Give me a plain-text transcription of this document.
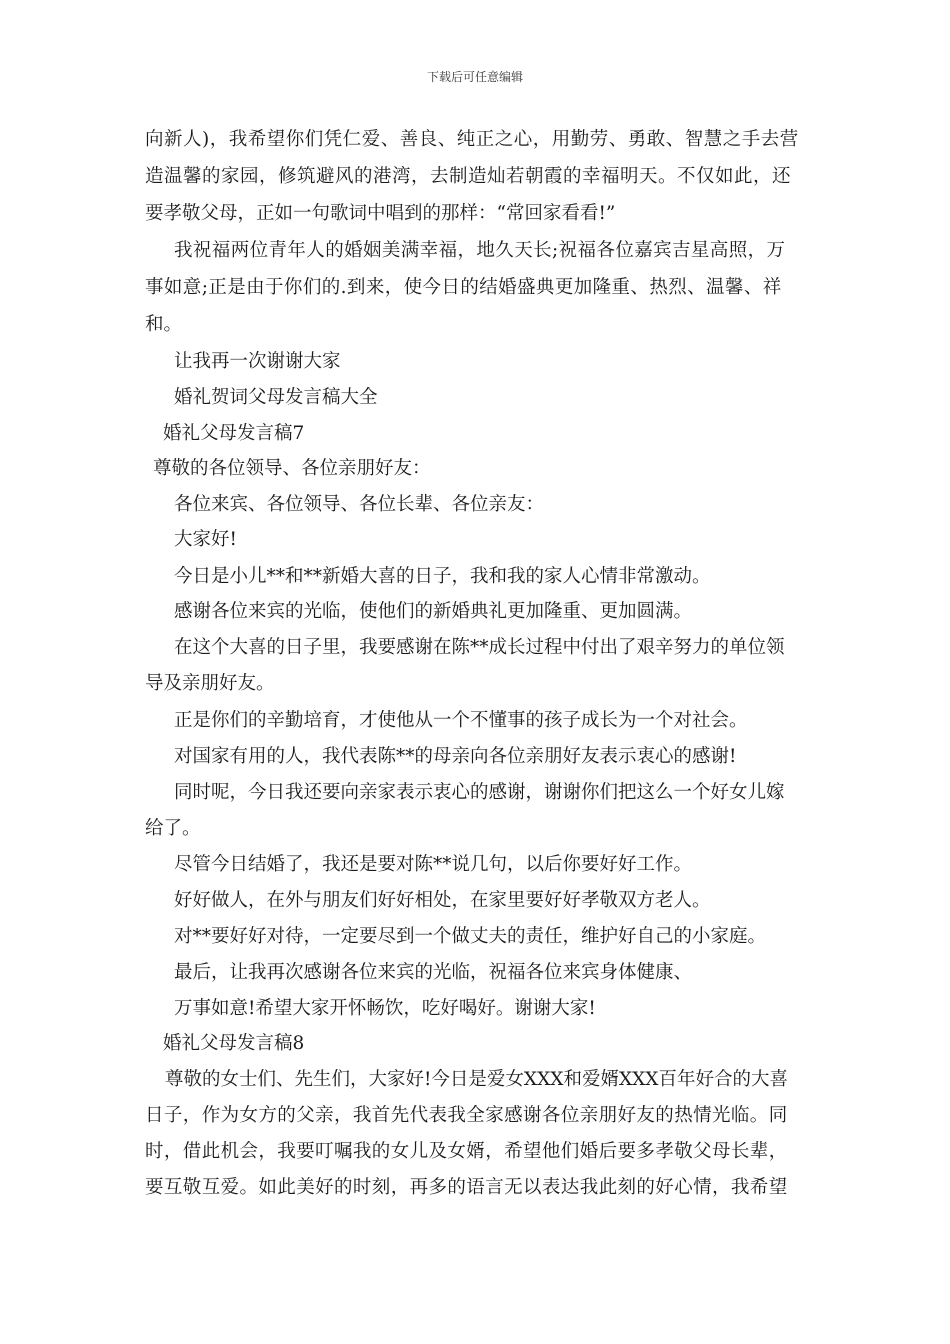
下载后可任意编辑
向新人)，我希望你们凭仁爱、善良、纯正之心，用勤劳、勇敢、智慧之手去营
造温馨的家园，修筑避风的港湾，去制造灿若朝霞的幸福明天。不仅如此，还
要孝敬父母，正如一句歌词中唱到的那样：“常回家看看!”
我祝福两位青年人的婚姻美满幸福，地久天长;祝福各位嘉宾吉星高照，万
事如意;正是由于你们的.到来，使今日的结婚盛典更加隆重、热烈、温馨、祥
和。
让我再一次谢谢大家
婚礼贺词父母发言稿大全
婚礼父母发言稿7
尊敬的各位领导、各位亲朋好友：
各位来宾、各位领导、各位长辈、各位亲友：
大家好!
今日是小儿**和**新婚大喜的日子，我和我的家人心情非常激动。
感谢各位来宾的光临，使他们的新婚典礼更加隆重、更加圆满。
在这个大喜的日子里，我要感谢在陈**成长过程中付出了艰辛努力的单位领
导及亲朋好友。
正是你们的辛勤培育，才使他从一个不懂事的孩子成长为一个对社会。
对国家有用的人，我代表陈**的母亲向各位亲朋好友表示衷心的感谢!
同时呢，今日我还要向亲家表示衷心的感谢，谢谢你们把这么一个好女儿嫁
给了。
尽管今日结婚了，我还是要对陈**说几句，以后你要好好工作。
好好做人，在外与朋友们好好相处，在家里要好好孝敬双方老人。
对**要好好对待，一定要尽到一个做丈夫的责任，维护好自己的小家庭。
最后，让我再次感谢各位来宾的光临，祝福各位来宾身体健康、
万事如意!希望大家开怀畅饮，吃好喝好。谢谢大家!
婚礼父母发言稿8
尊敬的女士们、先生们，大家好!今日是爱女XXX和爱婿XXX百年好合的大喜
日子，作为女方的父亲，我首先代表我全家感谢各位亲朋好友的热情光临。同
时，借此机会，我要叮嘱我的女儿及女婿，希望他们婚后要多孝敬父母长辈，
要互敬互爱。如此美好的时刻，再多的语言无以表达我此刻的好心情，我希望
